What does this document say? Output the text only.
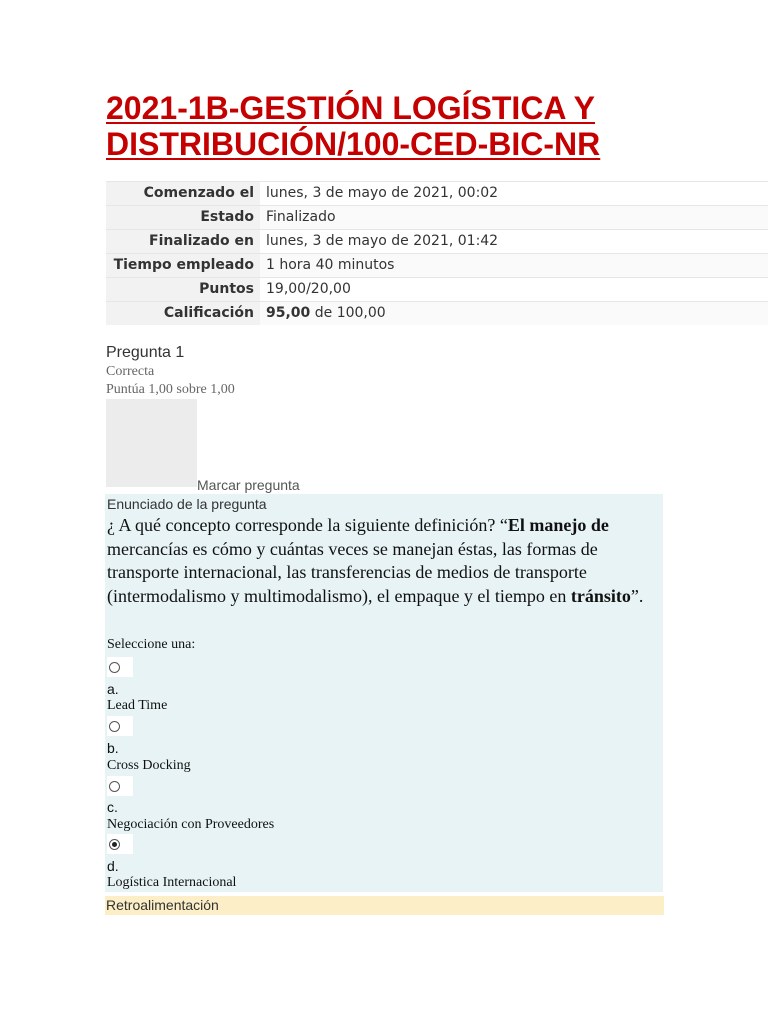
2021-1B-GESTIÓN LOGÍSTICA Y DISTRIBUCIÓN/100-CED-BIC-NR
Comenzado el	lunes, 3 de mayo de 2021, 00:02
Estado	Finalizado
Finalizado en	lunes, 3 de mayo de 2021, 01:42
Tiempo empleado	1 hora 40 minutos
Puntos	19,00/20,00
Calificación	95,00 de 100,00
Pregunta 1
Correcta
Puntúa 1,00 sobre 1,00
Marcar pregunta
Enunciado de la pregunta
¿ A qué concepto corresponde la siguiente definición? “El manejo de mercancías es cómo y cuántas veces se manejan éstas, las formas de transporte internacional, las transferencias de medios de transporte (intermodalismo y multimodalismo), el empaque y el tiempo en tránsito”.
Seleccione una:
a.
Lead Time
b.
Cross Docking
c.
Negociación con Proveedores
d.
Logística Internacional
Retroalimentación
